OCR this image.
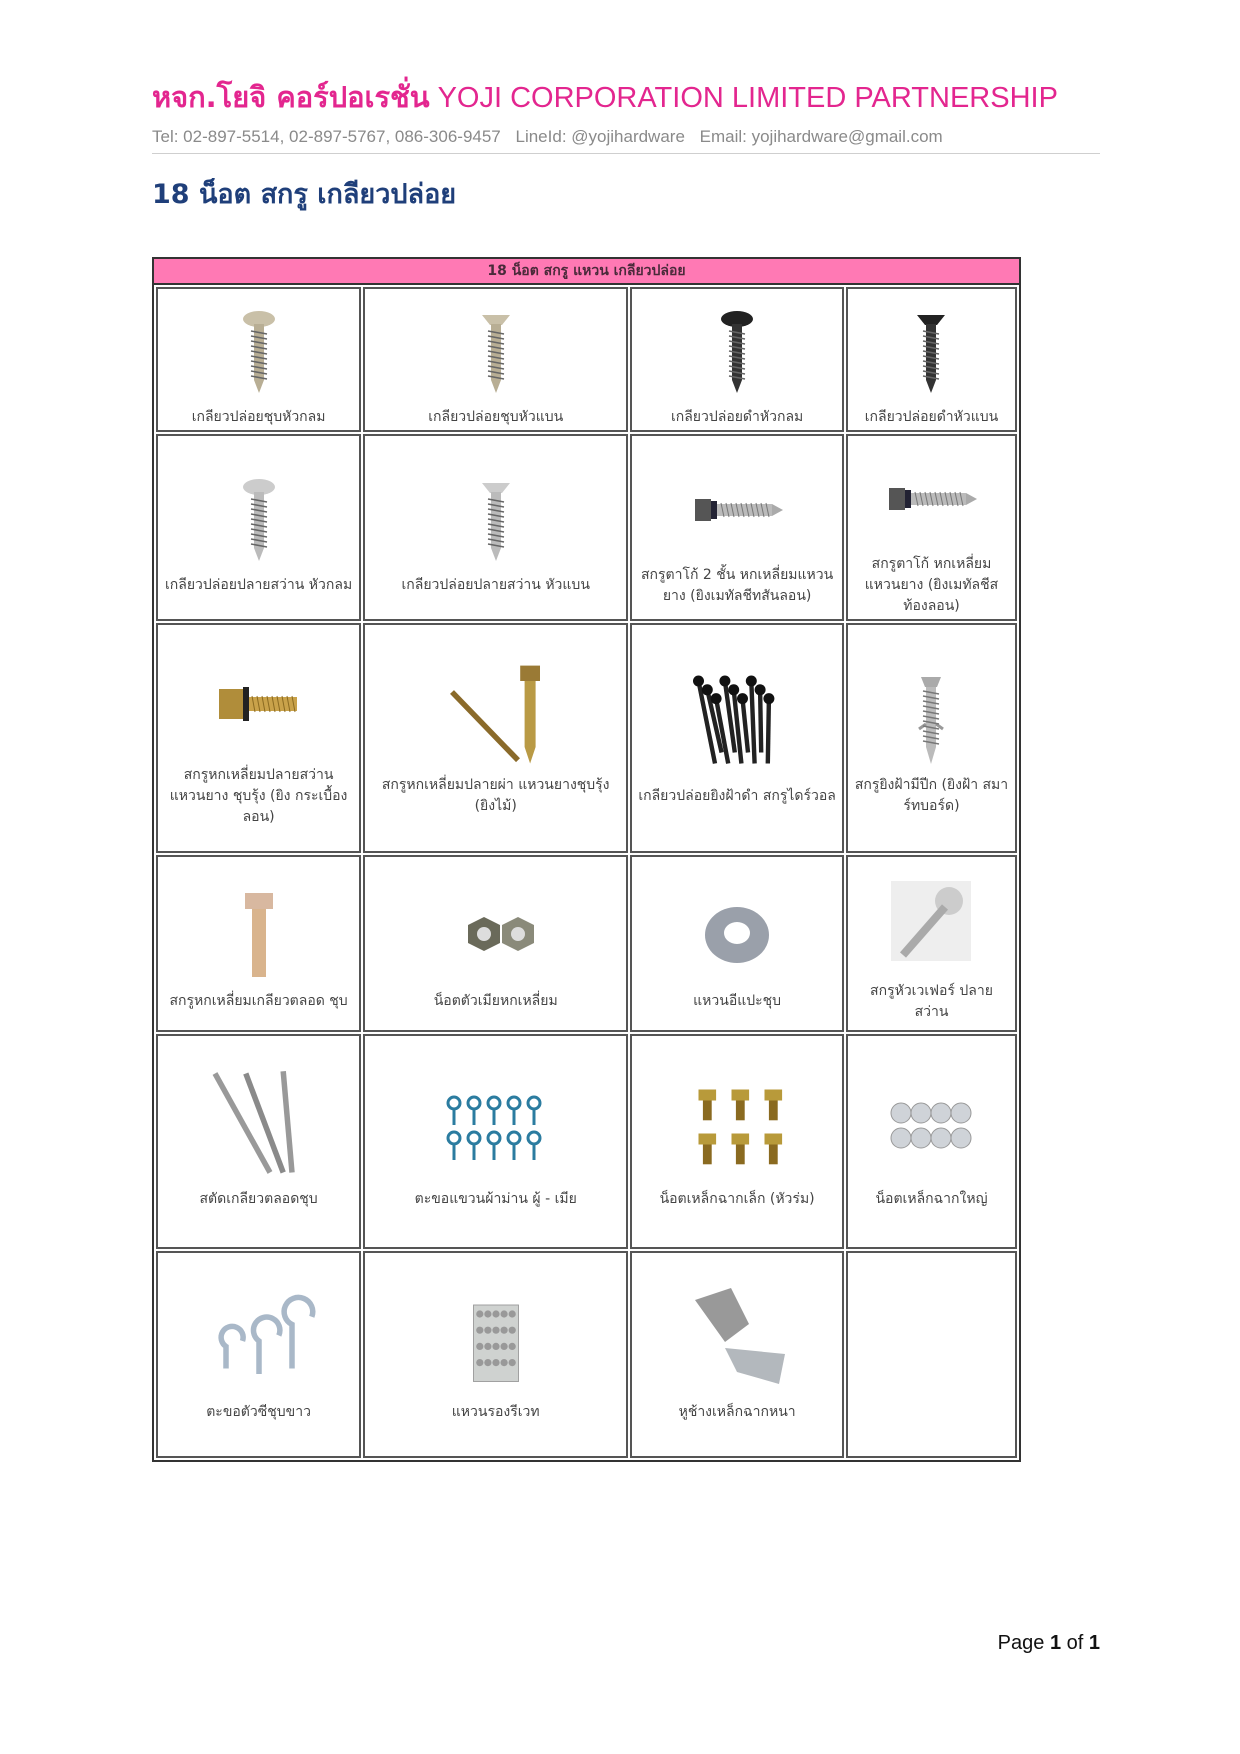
หจก.โยจิ คอร์ปอเรชั่น YOJI CORPORATION LIMITED PARTNERSHIP
Tel: 02-897-5514, 02-897-5767, 086-306-9457 LineId: @yojihardware Email: yojihardware@gmail.com
18 น็อต สกรู เกลียวปล่อย
18 น็อต สกรู แหวน เกลียวปล่อย
เกลียวปล่อยชุบหัวกลม	เกลียวปล่อยชุบหัวแบน	เกลียวปล่อยดำหัวกลม	เกลียวปล่อยดำหัวแบน

เกลียวปล่อยปลายสว่าน หัวกลม	เกลียวปล่อยปลายสว่าน หัวแบน	สกรูตาโก้ 2 ชั้น หกเหลี่ยมแหวนยาง (ยิงเมทัลชีทสันลอน)	สกรูตาโก้ หกเหลี่ยม แหวนยาง (ยิงเมทัลชีสท้องลอน)

สกรูหกเหลี่ยมปลายสว่าน แหวนยาง ชุบรุ้ง (ยิง กระเบื้องลอน)	สกรูหกเหลี่ยมปลายผ่า แหวนยางชุบรุ้ง (ยิงไม้)	เกลียวปล่อยยิงฝ้าดำ สกรูไดร์วอล	สกรูยิงฝ้ามีปีก (ยิงฝ้า สมาร์ทบอร์ด)

สกรูหกเหลี่ยมเกลียวตลอด ชุบ	น็อตตัวเมียหกเหลี่ยม	แหวนอีแปะชุบ	สกรูหัวเวเฟอร์ ปลาย สว่าน

สตัดเกลียวตลอดชุบ	ตะขอแขวนผ้าม่าน ผู้ - เมีย	น็อตเหล็กฉาก​เล็ก (หัวร่ม)	น็อตเหล็กฉากใหญ่

ตะขอตัวซีชุบขาว	แหวนรองรีเวท	หูช้างเหล็กฉากหนา	

Page 1 of 1
